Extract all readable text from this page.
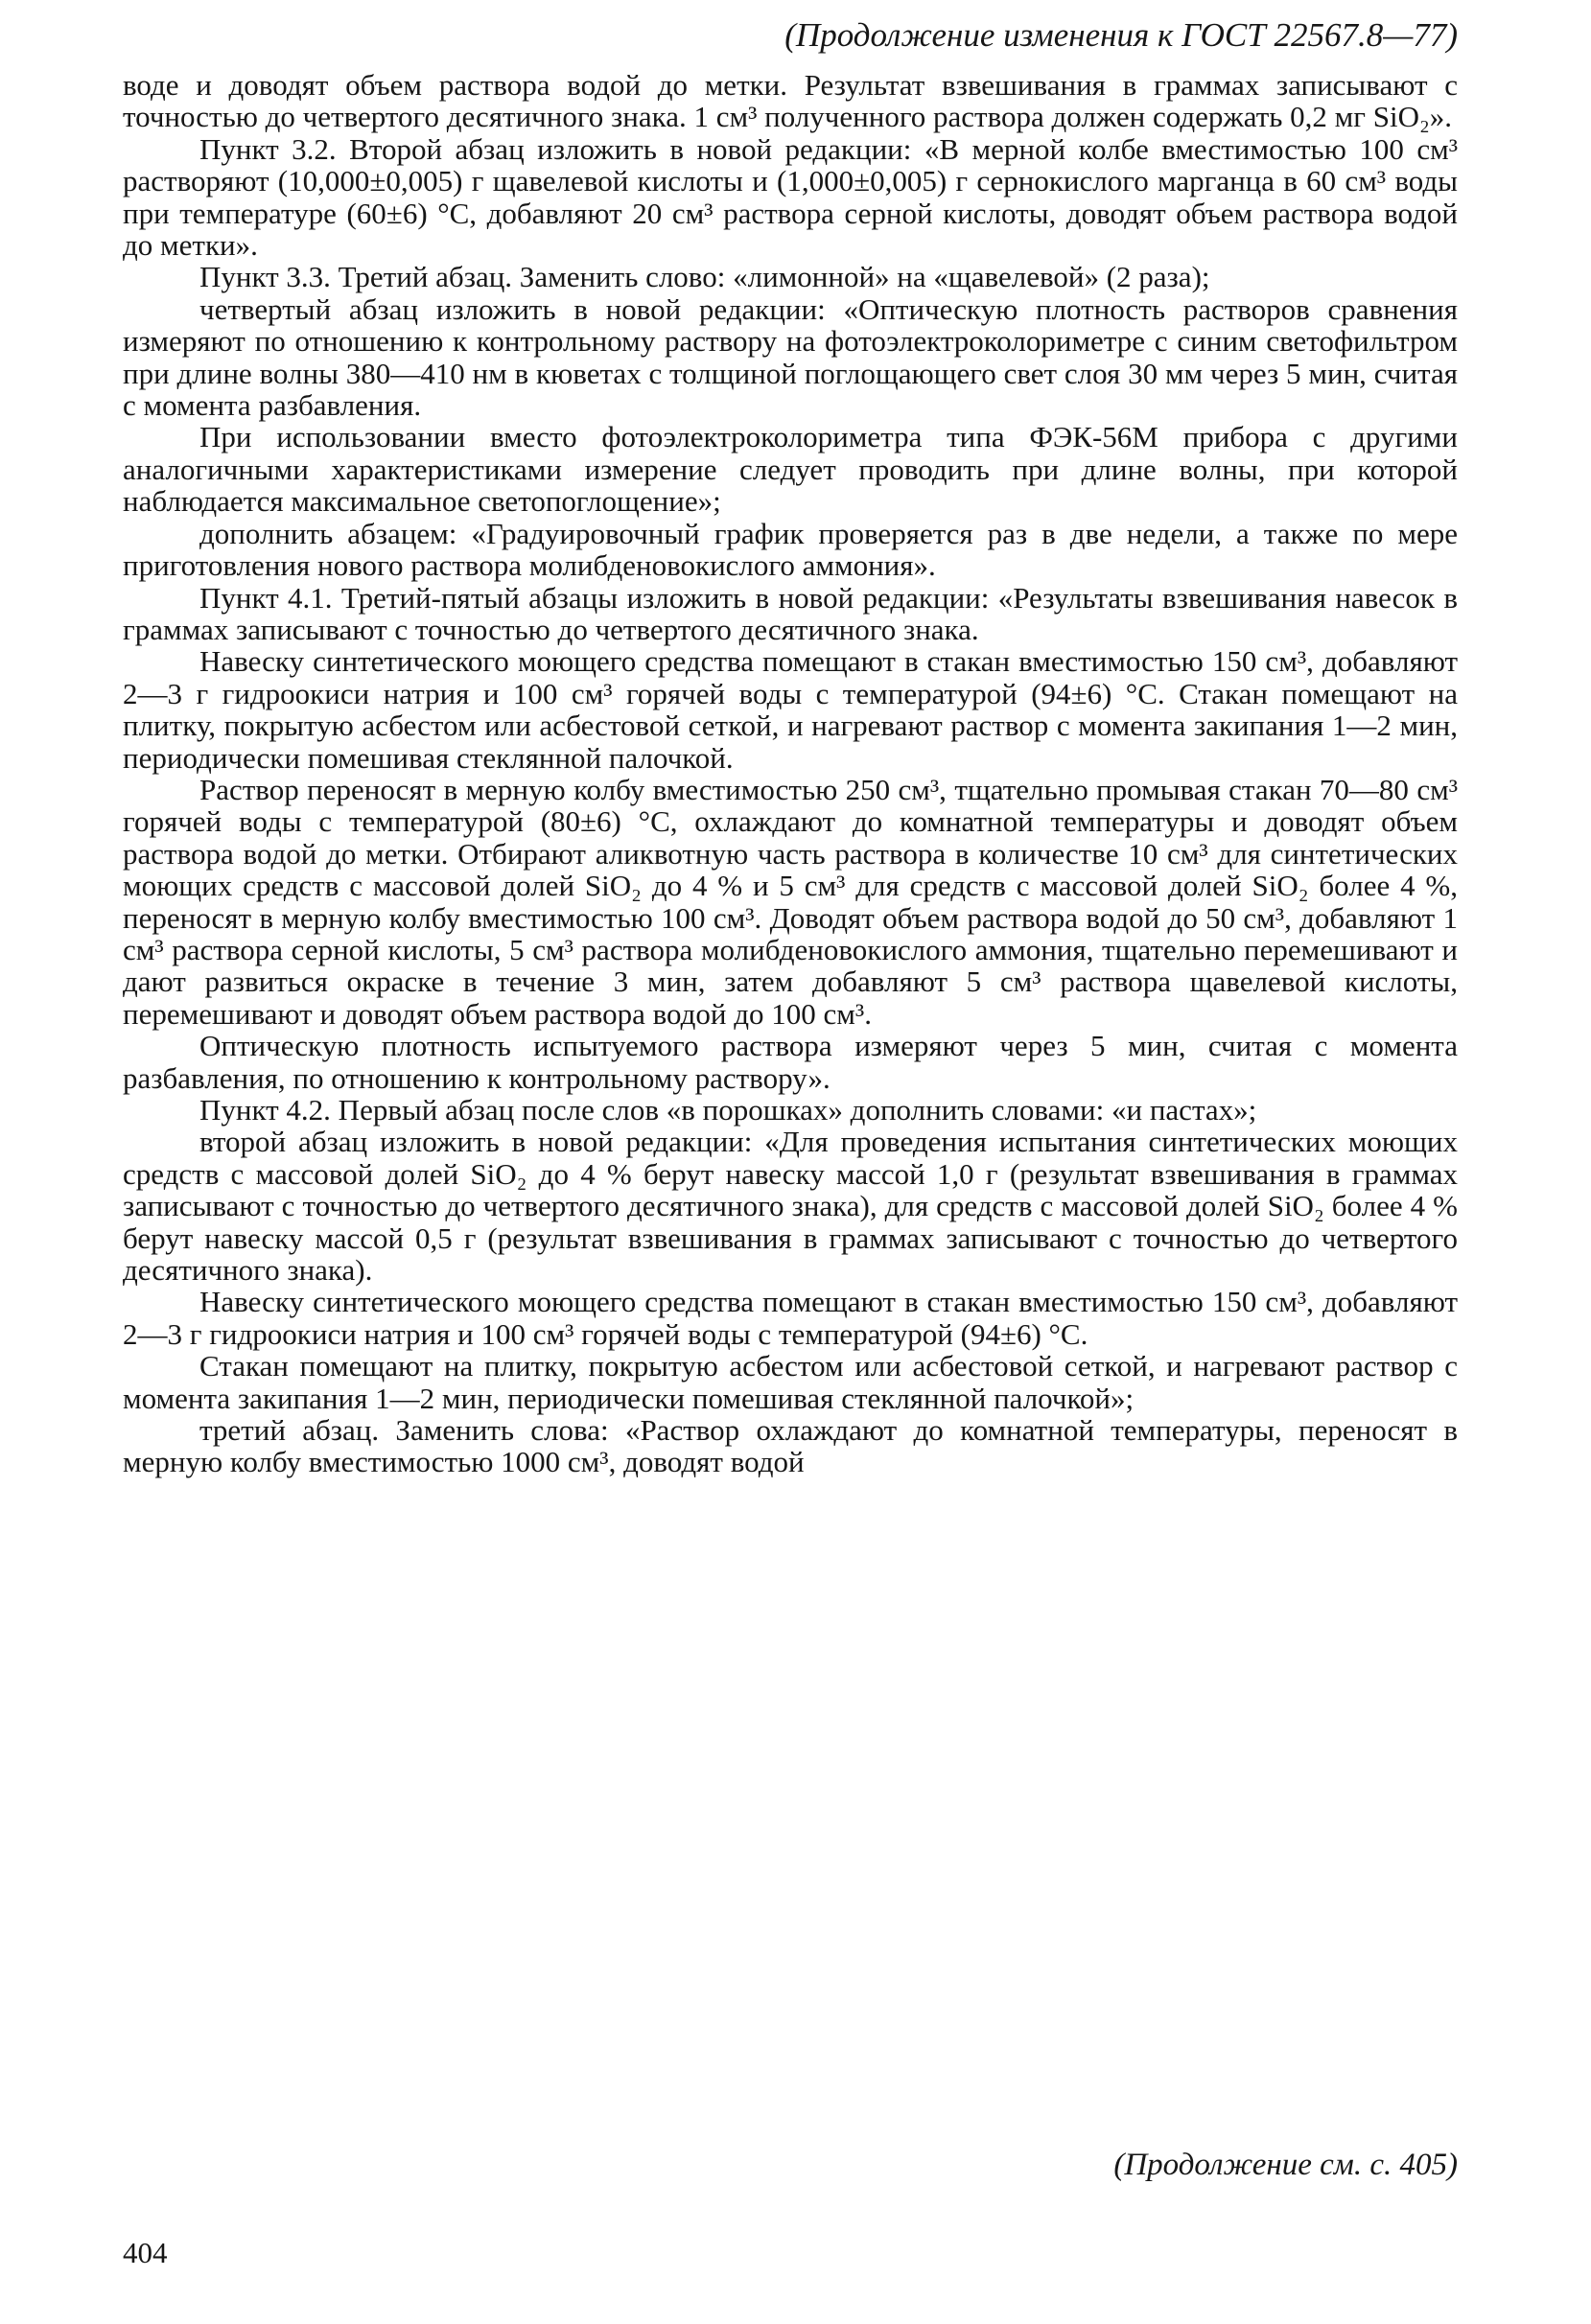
(Продолжение изменения к ГОСТ 22567.8—77)

воде и доводят объем раствора водой до метки. Результат взвешивания в граммах записывают с точностью до четвертого десятичного знака. 1 см³ полученного раствора должен содержать 0,2 мг SiO₂».

Пункт 3.2. Второй абзац изложить в новой редакции: «В мерной колбе вместимостью 100 см³ растворяют (10,000±0,005) г щавелевой кислоты и (1,000±0,005) г сернокислого марганца в 60 см³ воды при температуре (60±6) °С, добавляют 20 см³ раствора серной кислоты, доводят объем раствора водой до метки».

Пункт 3.3. Третий абзац. Заменить слово: «лимонной» на «щавелевой» (2 раза);

четвертый абзац изложить в новой редакции: «Оптическую плотность растворов сравнения измеряют по отношению к контрольному раствору на фотоэлектроколориметре с синим светофильтром при длине волны 380—410 нм в кюветах с толщиной поглощающего свет слоя 30 мм через 5 мин, считая с момента разбавления.

При использовании вместо фотоэлектроколориметра типа ФЭК-56М прибора с другими аналогичными характеристиками измерение следует проводить при длине волны, при которой наблюдается максимальное светопоглощение»;

дополнить абзацем: «Градуировочный график проверяется раз в две недели, а также по мере приготовления нового раствора молибденовокислого аммония».

Пункт 4.1. Третий-пятый абзацы изложить в новой редакции: «Результаты взвешивания навесок в граммах записывают с точностью до четвертого десятичного знака.

Навеску синтетического моющего средства помещают в стакан вместимостью 150 см³, добавляют 2—3 г гидроокиси натрия и 100 см³ горячей воды с температурой (94±6) °С. Стакан помещают на плитку, покрытую асбестом или асбестовой сеткой, и нагревают раствор с момента закипания 1—2 мин, периодически помешивая стеклянной палочкой.

Раствор переносят в мерную колбу вместимостью 250 см³, тщательно промывая стакан 70—80 см³ горячей воды с температурой (80±6) °С, охлаждают до комнатной температуры и доводят объем раствора водой до метки. Отбирают аликвотную часть раствора в количестве 10 см³ для синтетических моющих средств с массовой долей SiO₂ до 4 % и 5 см³ для средств с массовой долей SiO₂ более 4 %, переносят в мерную колбу вместимостью 100 см³. Доводят объем раствора водой до 50 см³, добавляют 1 см³ раствора серной кислоты, 5 см³ раствора молибденовокислого аммония, тщательно перемешивают и дают развиться окраске в течение 3 мин, затем добавляют 5 см³ раствора щавелевой кислоты, перемешивают и доводят объем раствора водой до 100 см³.

Оптическую плотность испытуемого раствора измеряют через 5 мин, считая с момента разбавления, по отношению к контрольному раствору».

Пункт 4.2. Первый абзац после слов «в порошках» дополнить словами: «и пастах»;

второй абзац изложить в новой редакции: «Для проведения испытания синтетических моющих средств с массовой долей SiO₂ до 4 % берут навеску массой 1,0 г (результат взвешивания в граммах записывают с точностью до четвертого десятичного знака), для средств с массовой долей SiO₂ более 4 % берут навеску массой 0,5 г (результат взвешивания в граммах записывают с точностью до четвертого десятичного знака).

Навеску синтетического моющего средства помещают в стакан вместимостью 150 см³, добавляют 2—3 г гидроокиси натрия и 100 см³ горячей воды с температурой (94±6) °С.

Стакан помещают на плитку, покрытую асбестом или асбестовой сеткой, и нагревают раствор с момента закипания 1—2 мин, периодически помешивая стеклянной палочкой»;

третий абзац. Заменить слова: «Раствор охлаждают до комнатной температуры, переносят в мерную колбу вместимостью 1000 см³, доводят водой

(Продолжение см. с. 405)

404
